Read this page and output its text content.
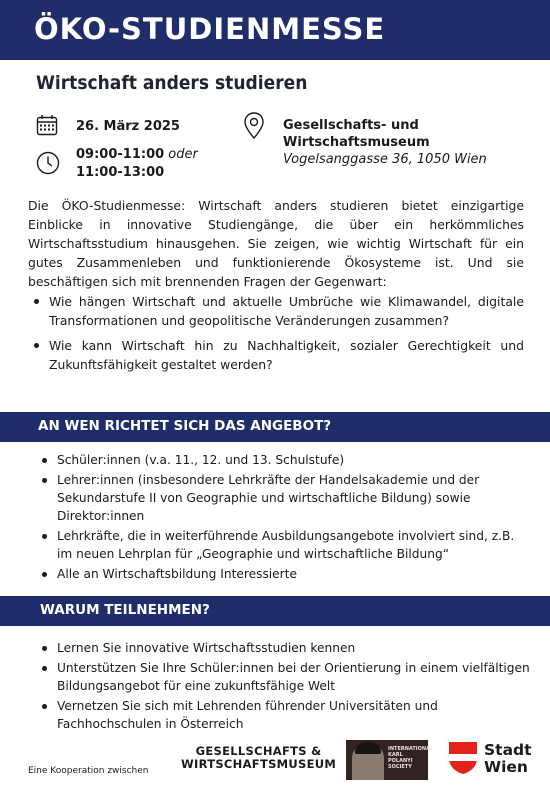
ÖKO-STUDIENMESSE
Wirtschaft anders studieren
26. März 2025
09:00-11:00 oder
11:00-13:00
Gesellschafts- und
Wirtschaftsmuseum
Vogelsanggasse 36, 1050 Wien
Die ÖKO-Studienmesse: Wirtschaft anders studieren bietet einzigartige Einblicke in innovative Studiengänge, die über ein herkömmliches Wirtschaftsstudium hinausgehen. Sie zeigen, wie wichtig Wirtschaft für ein gutes Zusammenleben und funktionierende Ökosysteme ist. Und sie beschäftigen sich mit brennenden Fragen der Gegenwart:
Wie hängen Wirtschaft und aktuelle Umbrüche wie Klimawandel, digitale Transformationen und geopolitische Veränderungen zusammen?
Wie kann Wirtschaft hin zu Nachhaltigkeit, sozialer Gerechtigkeit und Zukunftsfähigkeit gestaltet werden?
AN WEN RICHTET SICH DAS ANGEBOT?
Schüler:innen (v.a. 11., 12. und 13. Schulstufe)
Lehrer:innen (insbesondere Lehrkräfte der Handelsakademie und der Sekundarstufe II von Geographie und wirtschaftliche Bildung) sowie Direktor:innen
Lehrkräfte, die in weiterführende Ausbildungsangebote involviert sind, z.B. im neuen Lehrplan für „Geographie und wirtschaftliche Bildung“
Alle an Wirtschaftsbildung Interessierte
WARUM TEILNEHMEN?
Lernen Sie innovative Wirtschaftsstudien kennen
Unterstützen Sie Ihre Schüler:innen bei der Orientierung in einem vielfältigen Bildungsangebot für eine zukunftsfähige Welt
Vernetzen Sie sich mit Lehrenden führender Universitäten und Fachhochschulen in Österreich
Eine Kooperation zwischen
GESELLSCHAFTS &
WIRTSCHAFTSMUSEUM
INTERNATIONAL
KARL POLANYI
SOCIETY
Stadt
Wien
